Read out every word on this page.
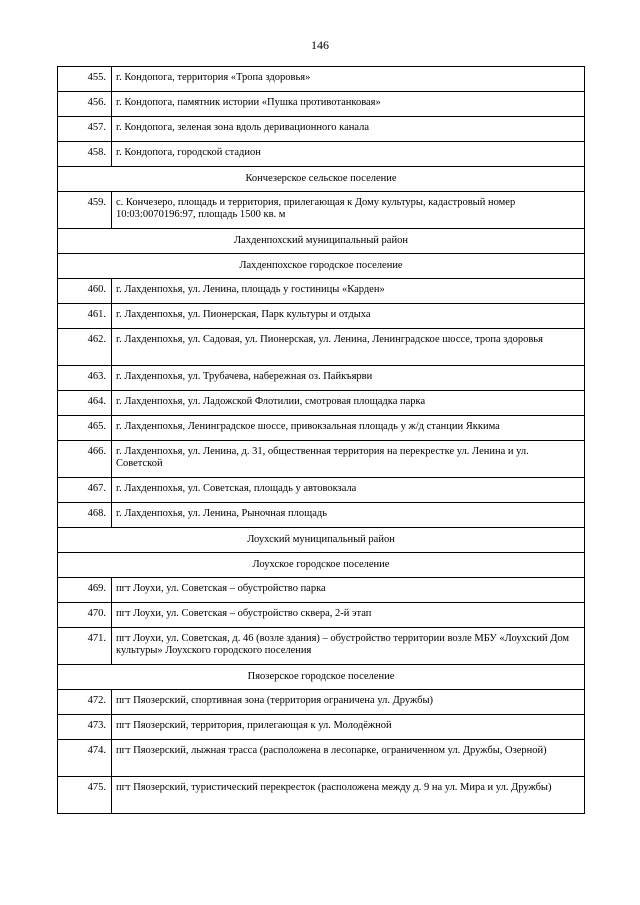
146
455.	г. Кондопога, территория «Тропа здоровья»
456.	г. Кондопога, памятник истории «Пушка противотанковая»
457.	г. Кондопога, зеленая зона вдоль деривационного канала
458.	г. Кондопога, городской стадион
Кончезерское сельское поселение	
459.	с. Кончезеро, площадь и территория, прилегающая к Дому культуры, кадастровый номер 10:03:0070196:97, площадь 1500 кв. м
Лахденпохский муниципальный район	
Лахденпохское городское поселение	
460.	г. Лахденпохья, ул. Ленина, площадь у гостиницы «Карден»
461.	г. Лахденпохья, ул. Пионерская, Парк культуры и отдыха
462.	г. Лахденпохья, ул. Садовая, ул. Пионерская, ул. Ленина, Ленинградское шоссе, тропа здоровья
463.	г. Лахденпохья, ул. Трубачева, набережная оз. Пайкъярви
464.	г. Лахденпохья, ул. Ладожской Флотилии, смотровая площадка парка
465.	г. Лахденпохья, Ленинградское шоссе, привокзальная площадь у ж/д станции Яккима
466.	г. Лахденпохья, ул. Ленина, д. 31, общественная территория на перекрестке ул. Ленина и ул. Советской
467.	г. Лахденпохья, ул. Советская, площадь у автовокзала
468.	г. Лахденпохья, ул. Ленина, Рыночная площадь
Лоухский муниципальный район	
Лоухское городское поселение	
469.	пгт Лоухи, ул. Советская – обустройство парка
470.	пгт Лоухи, ул. Советская – обустройство сквера, 2-й этап
471.	пгт Лоухи, ул. Советская, д. 46 (возле здания) – обустройство территории возле МБУ «Лоухский Дом культуры» Лоухского городского поселения
Пяозерское городское поселение	
472.	пгт Пяозерский, спортивная зона (территория ограничена ул. Дружбы)
473.	пгт Пяозерский, территория, прилегающая к ул. Молодёжной
474.	пгт Пяозерский, лыжная трасса (расположена в лесопарке, ограниченном ул. Дружбы, Озерной)
475.	пгт Пяозерский, туристический перекресток (расположена между д. 9 на ул. Мира и ул. Дружбы)
